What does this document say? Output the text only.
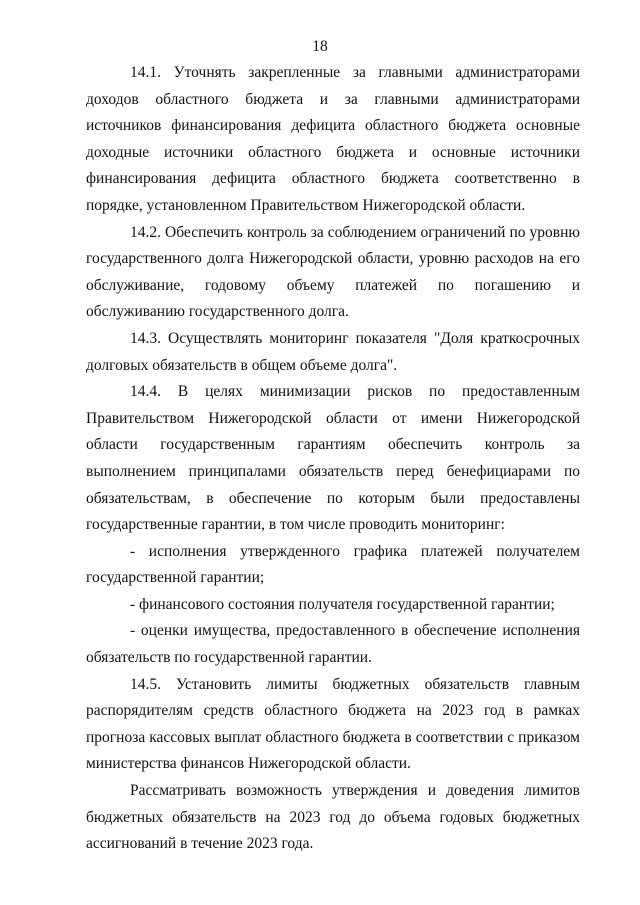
18

14.1. Уточнять закрепленные за главными администраторами доходов областного бюджета и за главными администраторами источников финансирования дефицита областного бюджета основные доходные источники областного бюджета и основные источники финансирования дефицита областного бюджета соответственно в порядке, установленном Правительством Нижегородской области.

14.2. Обеспечить контроль за соблюдением ограничений по уровню государственного долга Нижегородской области, уровню расходов на его обслуживание, годовому объему платежей по погашению и обслуживанию государственного долга.

14.3. Осуществлять мониторинг показателя "Доля краткосрочных долговых обязательств в общем объеме долга".

14.4. В целях минимизации рисков по предоставленным Правительством Нижегородской области от имени Нижегородской области государственным гарантиям обеспечить контроль за выполнением принципалами обязательств перед бенефициарами по обязательствам, в обеспечение по которым были предоставлены государственные гарантии, в том числе проводить мониторинг:

- исполнения утвержденного графика платежей получателем государственной гарантии;

- финансового состояния получателя государственной гарантии;

- оценки имущества, предоставленного в обеспечение исполнения обязательств по государственной гарантии.

14.5. Установить лимиты бюджетных обязательств главным распорядителям средств областного бюджета на 2023 год в рамках прогноза кассовых выплат областного бюджета в соответствии с приказом министерства финансов Нижегородской области.

Рассматривать возможность утверждения и доведения лимитов бюджетных обязательств на 2023 год до объема годовых бюджетных ассигнований в течение 2023 года.
